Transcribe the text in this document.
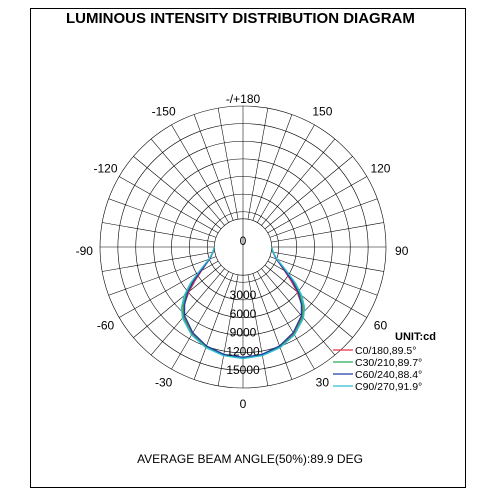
LUMINOUS INTENSITY DISTRIBUTION DIAGRAM
0
30
-30
60
-60
90
-90
120
-120
150
-150
-/+180
0
3000
6000
9000
12000
15000
UNIT:cd
C0/180,89.5°
C30/210,89.7°
C60/240,88.4°
C90/270,91.9°
AVERAGE BEAM ANGLE(50%):89.9 DEG
